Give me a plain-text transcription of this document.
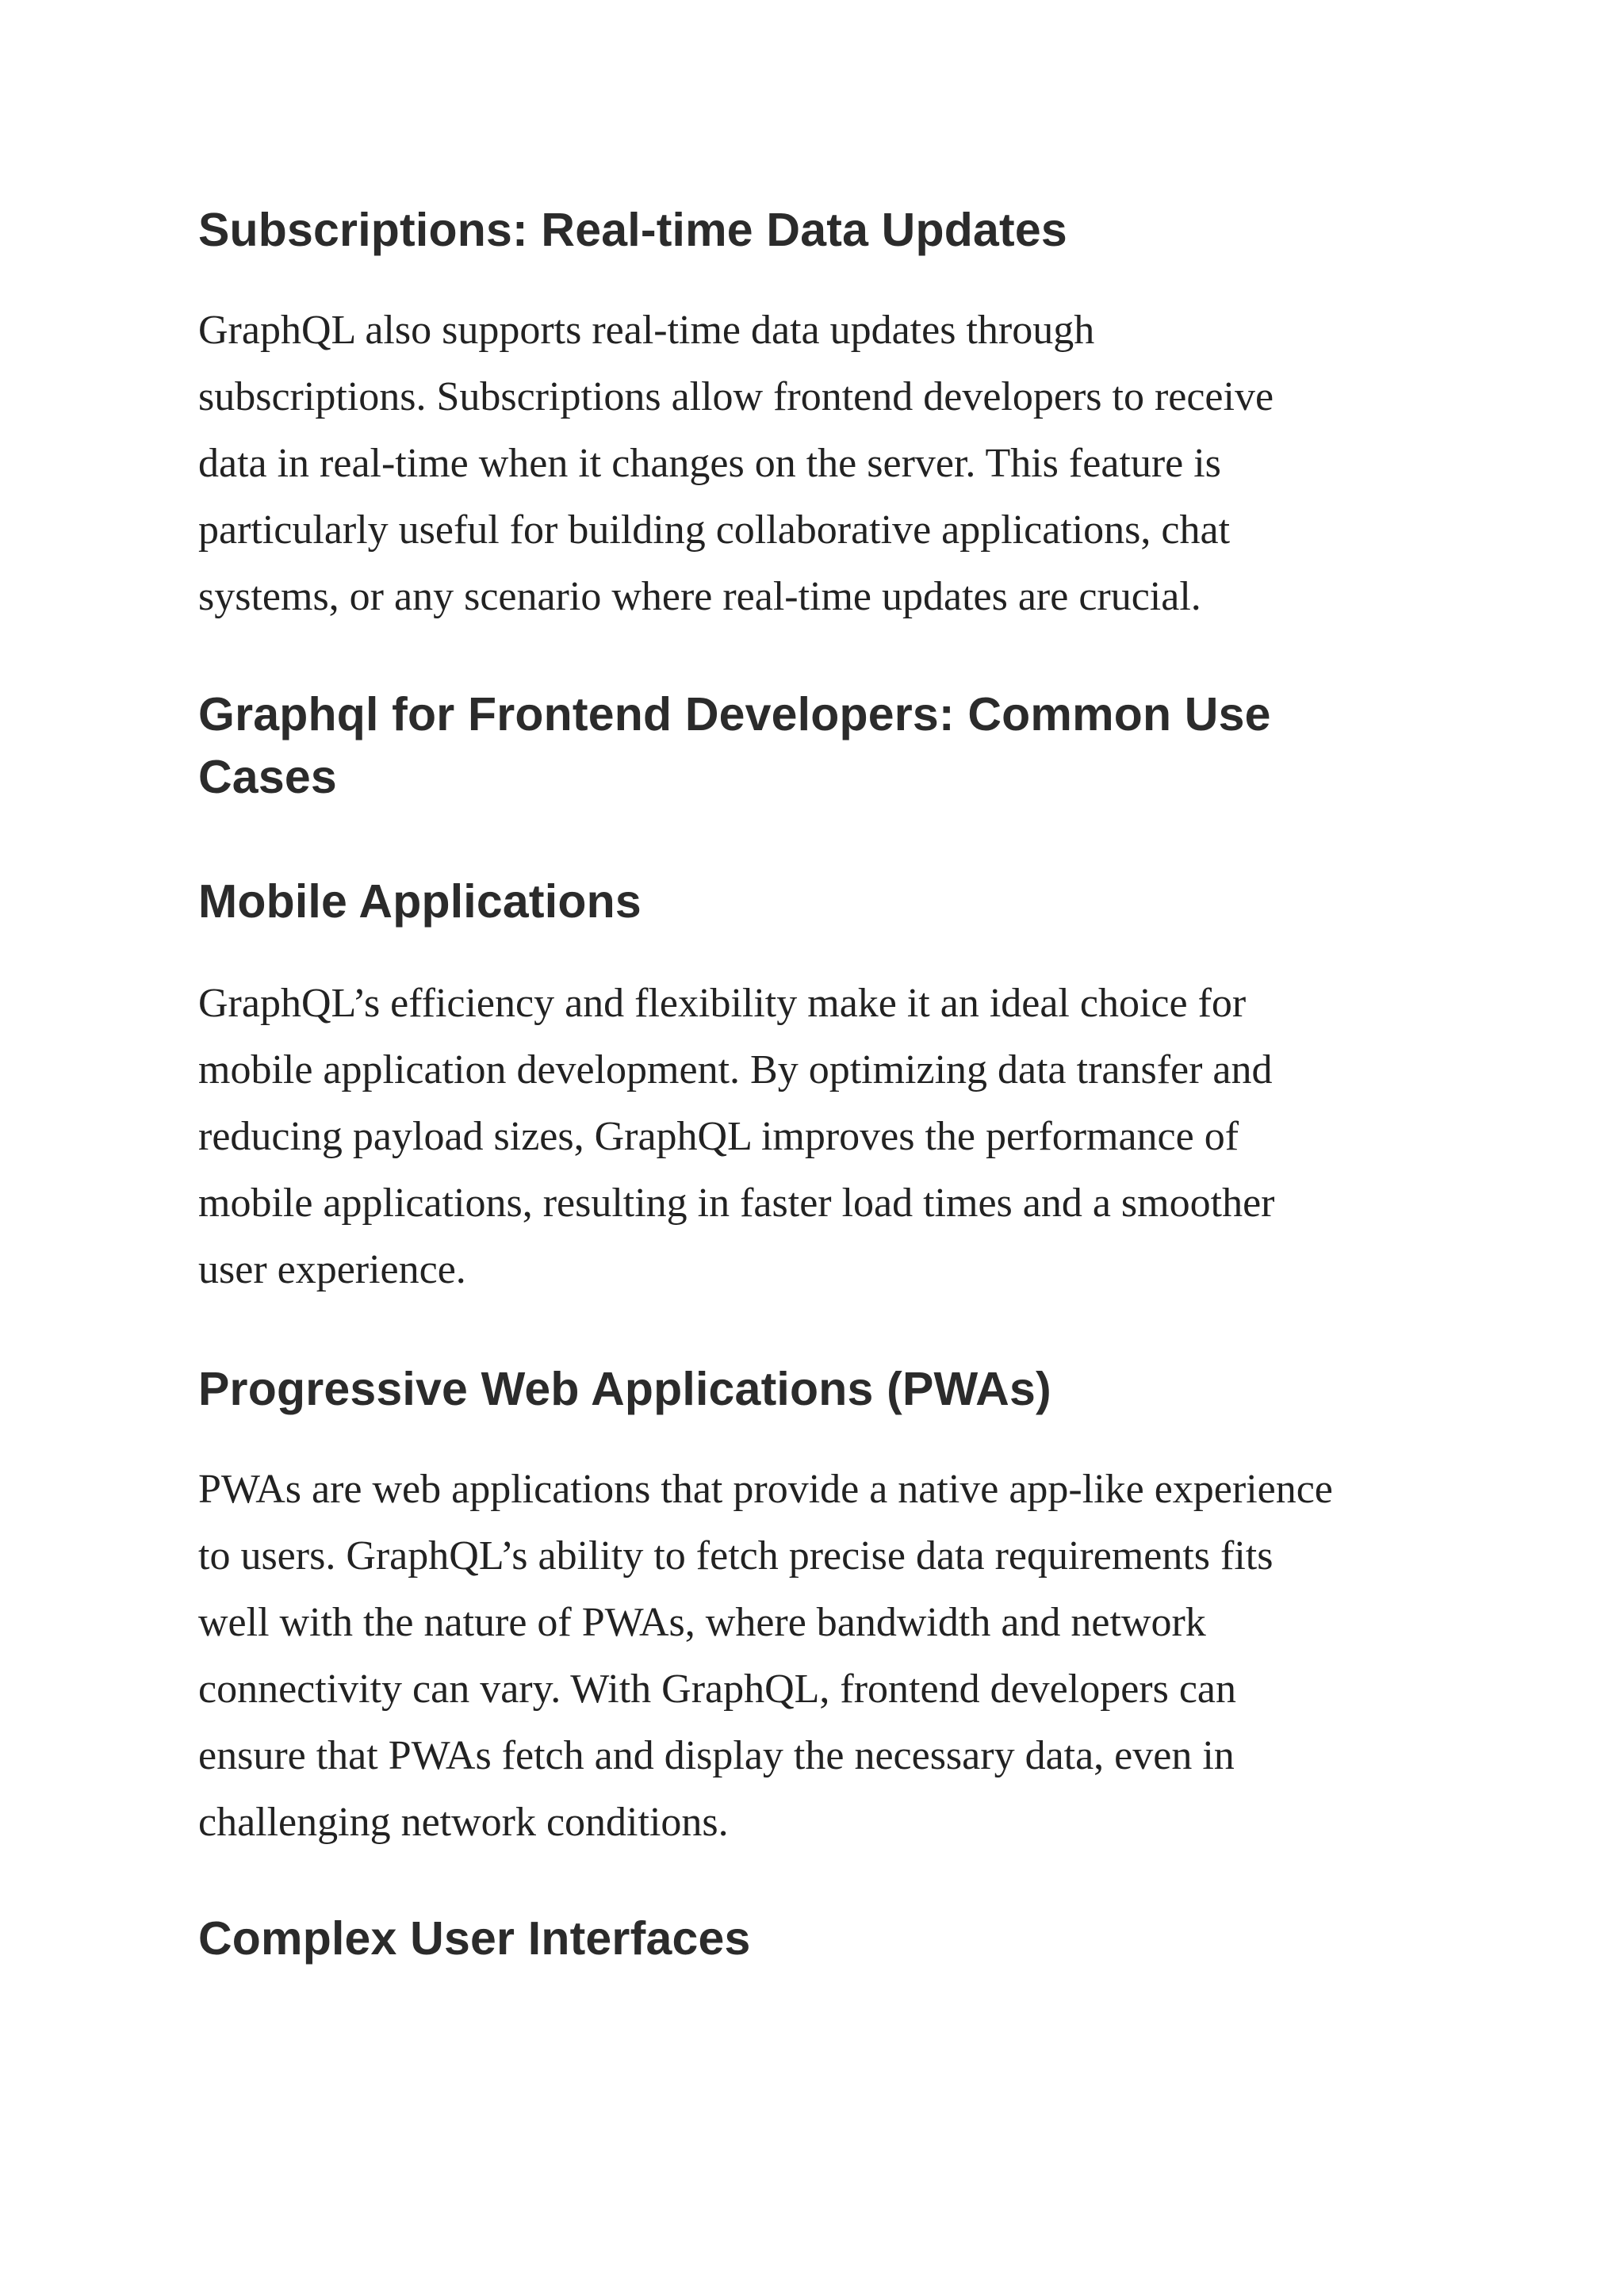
Subscriptions: Real-time Data Updates

GraphQL also supports real-time data updates through

subscriptions. Subscriptions allow frontend developers to receive

data in real-time when it changes on the server. This feature is

particularly useful for building collaborative applications, chat

systems, or any scenario where real-time updates are crucial.

Graphql for Frontend Developers: Common Use
Cases
Mobile Applications

GraphQL’s efficiency and flexibility make it an ideal choice for

mobile application development. By optimizing data transfer and

reducing payload sizes, GraphQL improves the performance of

mobile applications, resulting in faster load times and a smoother

user experience.

Progressive Web Applications (PWAs)

PWAs are web applications that provide a native app-like experience

to users. GraphQL’s ability to fetch precise data requirements fits

well with the nature of PWAs, where bandwidth and network

connectivity can vary. With GraphQL, frontend developers can

ensure that PWAs fetch and display the necessary data, even in

challenging network conditions.

Complex User Interfaces
